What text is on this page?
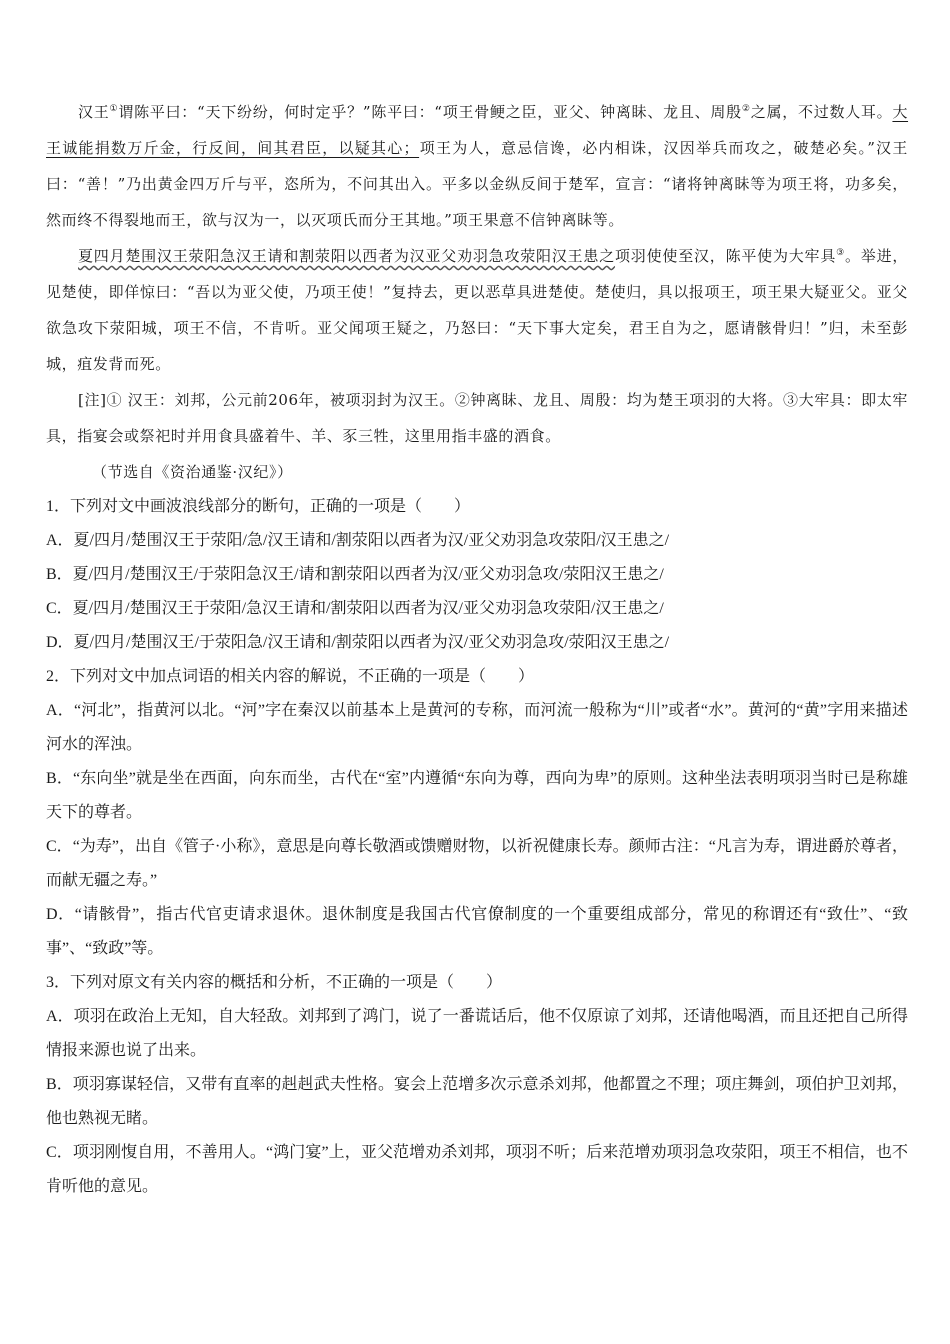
汉王①谓陈平曰：“天下纷纷，何时定乎？”陈平曰：“项王骨鲠之臣，亚父、钟离眛、龙且、周殷②之属，不过数人耳。大王诚能捐数万斤金，行反间，间其君臣，以疑其心；项王为人，意忌信谗，必内相诛，汉因举兵而攻之，破楚必矣。”汉王曰：“善！”乃出黄金四万斤与平，恣所为，不问其出入。平多以金纵反间于楚军，宣言：“诸将钟离眛等为项王将，功多矣，然而终不得裂地而王，欲与汉为一，以灭项氏而分王其地。”项王果意不信钟离眛等。

夏四月楚围汉王荥阳急汉王请和割荥阳以西者为汉亚父劝羽急攻荥阳汉王患之项羽使使至汉，陈平使为大牢具③。举进，见楚使，即佯惊曰：“吾以为亚父使，乃项王使！”复持去，更以恶草具进楚使。楚使归，具以报项王，项王果大疑亚父。亚父欲急攻下荥阳城，项王不信，不肯听。亚父闻项王疑之，乃怒曰：“天下事大定矣，君王自为之，愿请骸骨归！”归，未至彭城，疽发背而死。

[注]① 汉王：刘邦，公元前206年，被项羽封为汉王。②钟离眛、龙且、周殷：均为楚王项羽的大将。③大牢具：即太牢具，指宴会或祭祀时并用食具盛着牛、羊、豕三牲，这里用指丰盛的酒食。

（节选自《资治通鉴·汉纪》）

1．下列对文中画波浪线部分的断句，正确的一项是（　　）

A．夏/四月/楚围汉王于荥阳/急/汉王请和/割荥阳以西者为汉/亚父劝羽急攻荥阳/汉王患之/

B．夏/四月/楚围汉王/于荥阳急汉王/请和割荥阳以西者为汉/亚父劝羽急攻/荥阳汉王患之/

C．夏/四月/楚围汉王于荥阳/急汉王请和/割荥阳以西者为汉/亚父劝羽急攻荥阳/汉王患之/

D．夏/四月/楚围汉王/于荥阳急/汉王请和/割荥阳以西者为汉/亚父劝羽急攻/荥阳汉王患之/

2．下列对文中加点词语的相关内容的解说，不正确的一项是（　　）

A．“河北”，指黄河以北。“河”字在秦汉以前基本上是黄河的专称，而河流一般称为“川”或者“水”。黄河的“黄”字用来描述河水的浑浊。

B．“东向坐”就是坐在西面，向东而坐，古代在“室”内遵循“东向为尊，西向为卑”的原则。这种坐法表明项羽当时已是称雄天下的尊者。

C．“为寿”，出自《管子·小称》，意思是向尊长敬酒或馈赠财物，以祈祝健康长寿。颜师古注：“凡言为寿，谓进爵於尊者，而献无疆之寿。”

D．“请骸骨”，指古代官吏请求退休。退休制度是我国古代官僚制度的一个重要组成部分，常见的称谓还有“致仕”、“致事”、“致政”等。

3．下列对原文有关内容的概括和分析，不正确的一项是（　　）

A．项羽在政治上无知，自大轻敌。刘邦到了鸿门，说了一番谎话后，他不仅原谅了刘邦，还请他喝酒，而且还把自己所得情报来源也说了出来。

B．项羽寡谋轻信，又带有直率的赳赳武夫性格。宴会上范增多次示意杀刘邦，他都置之不理；项庄舞剑，项伯护卫刘邦，他也熟视无睹。

C．项羽刚愎自用，不善用人。“鸿门宴”上，亚父范增劝杀刘邦，项羽不听；后来范增劝项羽急攻荥阳，项王不相信，也不肯听他的意见。
